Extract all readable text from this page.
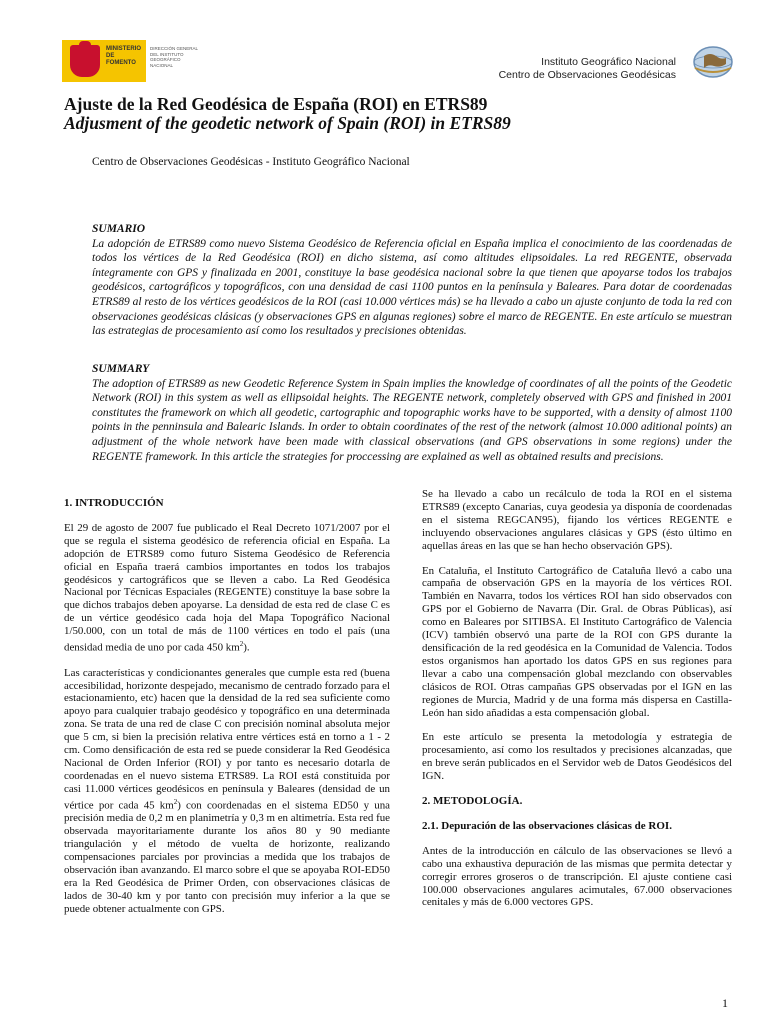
MINISTERIO DE FOMENTO
DIRECCIÓN GENERAL DEL INSTITUTO GEOGRÁFICO NACIONAL	Instituto Geográfico Nacional
Centro de Observaciones Geodésicas
Ajuste de la Red Geodésica de España (ROI) en ETRS89
Adjusment of the geodetic network of Spain (ROI) in ETRS89
Centro de Observaciones Geodésicas - Instituto Geográfico Nacional
SUMARIO
La adopción de ETRS89 como nuevo Sistema Geodésico de Referencia oficial en España implica el conocimiento de las coordenadas de todos los vértices de la Red Geodésica (ROI) en dicho sistema, así como altitudes elipsoidales. La red REGENTE, observada íntegramente con GPS y finalizada en 2001, constituye la base geodésica nacional sobre la que tienen que apoyarse todos los trabajos geodésicos, cartográficos y topográficos, con una densidad de casi 1100 puntos en la península y Baleares. Para dotar de coordenadas ETRS89 al resto de los vértices geodésicos de la ROI (casi 10.000 vértices más) se ha llevado a cabo un ajuste conjunto de toda la red con observaciones geodésicas clásicas (y observaciones GPS en algunas regiones) sobre el marco de REGENTE. En este artículo se muestran las estrategias de procesamiento así como los resultados y precisiones obtenidas.
SUMMARY
The adoption of ETRS89 as new Geodetic Reference System in Spain implies the knowledge of coordinates of all the points of the Geodetic Network (ROI) in this system as well as ellipsoidal heights. The REGENTE network, completely observed with GPS and finished in 2001 constitutes the framework on which all geodetic, cartographic and topographic works have to be supported, with a density of almost 1100 points in the penninsula and Balearic Islands. In order to obtain coordinates of the rest of the network (almost 10.000 aditional points) an adjustment of the whole network have been made with classical observations (and GPS observations in some regions) under the REGENTE framework. In this article the strategies for proccessing are explained as well as obtained results and precisions.
1. INTRODUCCIÓN

El 29 de agosto de 2007 fue publicado el Real Decreto 1071/2007 por el que se regula el sistema geodésico de referencia oficial en España. La adopción de ETRS89 como futuro Sistema Geodésico de Referencia oficial en España traerá cambios importantes en todos los trabajos geodésicos y cartográficos que se lleven a cabo. La Red Geodésica Nacional por Técnicas Espaciales (REGENTE) constituye la base sobre la que dichos trabajos deben apoyarse. La densidad de esta red de clase C es de un vértice geodésico cada hoja del Mapa Topográfico Nacional 1/50.000, con un total de más de 1100 vértices en todo el país (una densidad media de uno por cada 450 $km^2$).

Las características y condicionantes generales que cumple esta red (buena accesibilidad, horizonte despejado, mecanismo de centrado forzado para el estacionamiento, etc) hacen que la densidad de la red sea suficiente como apoyo para cualquier trabajo geodésico y topográfico en una determinada zona. Se trata de una red de clase C con precisión nominal absoluta mejor que 5 cm, si bien la precisión relativa entre vértices está en torno a 1 - 2 cm. Como densificación de esta red se puede considerar la Red Geodésica Nacional de Orden Inferior (ROI) y por tanto es necesario dotarla de coordenadas en el nuevo sistema ETRS89. La ROI está constituida por casi 11.000 vértices geodésicos en península y Baleares (densidad de un vértice por cada 45 $km^2$) con coordenadas en el sistema ED50 y una precisión media de 0,2 m en planimetría y 0,3 m en altimetría. Esta red fue observada mayoritariamente durante los años 80 y 90 mediante triangulación y el método de vuelta de horizonte, realizando compensaciones parciales por provincias a medida que los trabajos de observación iban avanzando. El marco sobre el que se apoyaba ROI-ED50 era la Red Geodésica de Primer Orden, con observaciones clásicas de lados de 30-40 km y por tanto con precisión muy inferior a la que se puede obtener actualmente con GPS.

Se ha llevado a cabo un recálculo de toda la ROI en el sistema ETRS89 (excepto Canarias, cuya geodesia ya disponía de coordenadas en el sistema REGCAN95), fijando los vértices REGENTE e incluyendo observaciones angulares clásicas y GPS (ésto último en aquellas áreas en las que se han hecho observación GPS).

En Cataluña, el Instituto Cartográfico de Cataluña llevó a cabo una campaña de observación GPS en la mayoría de los vértices ROI. También en Navarra, todos los vértices ROI han sido observados con GPS por el Gobierno de Navarra (Dir. Gral. de Obras Públicas), así como en Baleares por SITIBSA. El Instituto Cartográfico de Valencia (ICV) también observó una parte de la ROI con GPS durante la densificación de la red geodésica en la Comunidad de Valencia. Todos estos organismos han aportado los datos GPS en sus regiones para llevar a cabo una compensación global mezclando con observables clásicos de ROI. Otras campañas GPS observadas por el IGN en las regiones de Murcia, Madrid y de una forma más dispersa en Castilla-León han sido añadidas a esta compensación global.

En este artículo se presenta la metodología y estrategia de procesamiento, así como los resultados y precisiones alcanzadas, que en breve serán publicados en el Servidor web de Datos Geodésicos del IGN.

2. METODOLOGÍA.
2.1. Depuración de las observaciones clásicas de ROI.

Antes de la introducción en cálculo de las observaciones se llevó a cabo una exhaustiva depuración de las mismas que permita detectar y corregir errores groseros o de transcripción. El ajuste contiene casi 100.000 observaciones angulares acimutales, 67.000 observaciones cenitales y más de 6.000 vectores GPS.

1
